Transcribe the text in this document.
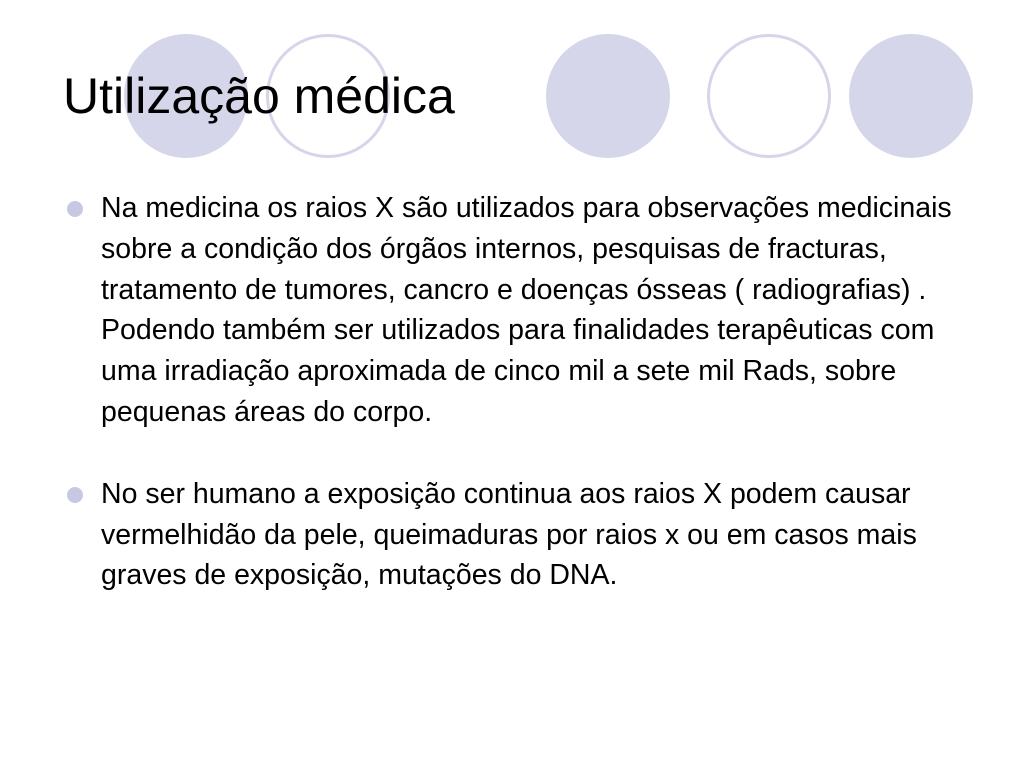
Utilização médica
Na medicina os raios X são utilizados para observações medicinais sobre a condição dos órgãos internos, pesquisas de fracturas, tratamento de tumores, cancro e doenças ósseas ( radiografias) . Podendo também ser utilizados para finalidades terapêuticas com uma irradiação aproximada de cinco mil a sete mil Rads, sobre pequenas áreas do corpo.
No ser humano a exposição continua aos raios X podem causar vermelhidão da pele, queimaduras por raios x ou em casos mais graves de exposição, mutações do DNA.
